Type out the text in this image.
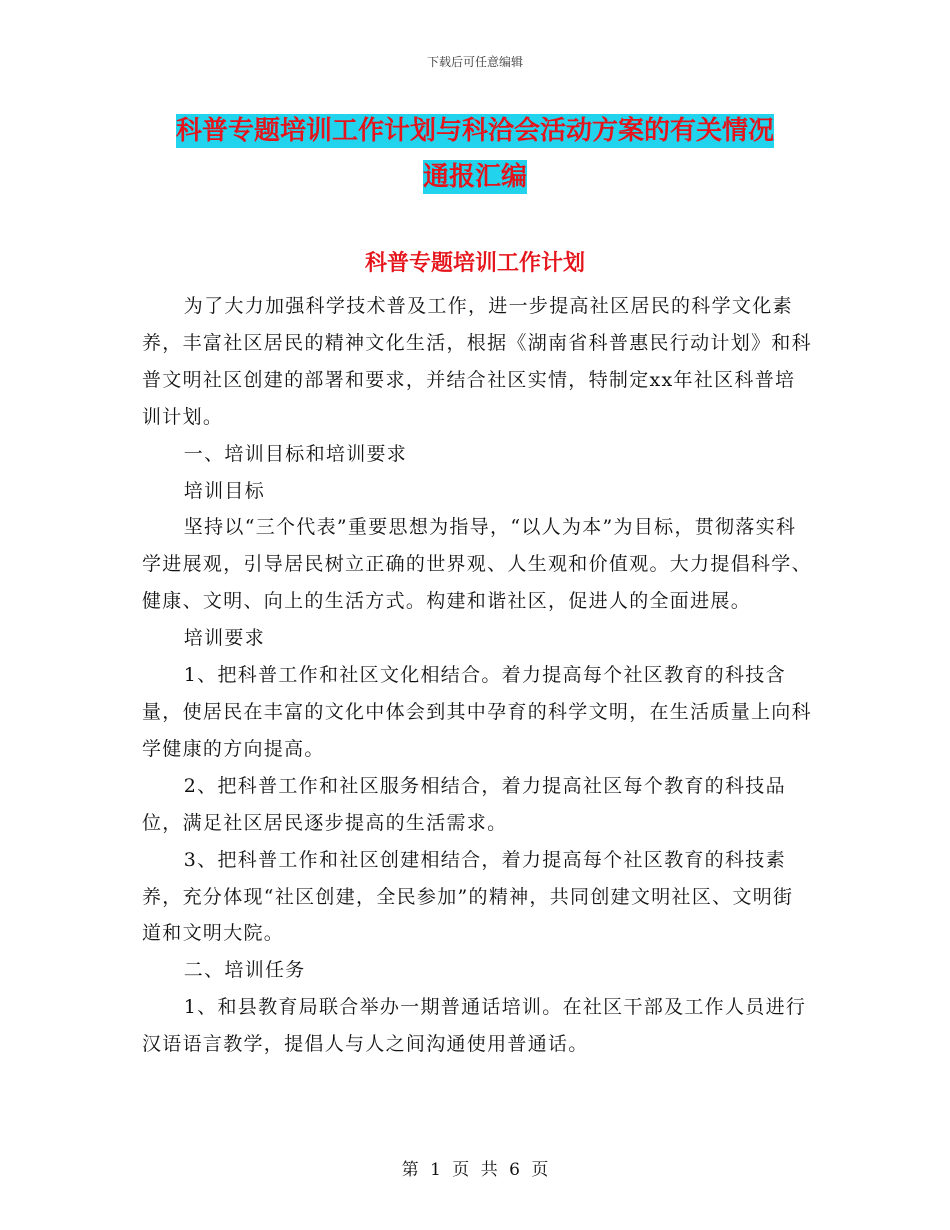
下载后可任意编辑
科普专题培训工作计划与科洽会活动方案的有关情况
通报汇编
科普专题培训工作计划

为了大力加强科学技术普及工作，进一步提高社区居民的科学文化素养，丰富社区居民的精神文化生活，根据《湖南省科普惠民行动计划》和科普文明社区创建的部署和要求，并结合社区实情，特制定xx年社区科普培训计划。

一、培训目标和培训要求

培训目标

坚持以“三个代表”重要思想为指导，“以人为本”为目标，贯彻落实科学进展观，引导居民树立正确的世界观、人生观和价值观。大力提倡科学、健康、文明、向上的生活方式。构建和谐社区，促进人的全面进展。

培训要求

1、把科普工作和社区文化相结合。着力提高每个社区教育的科技含量，使居民在丰富的文化中体会到其中孕育的科学文明，在生活质量上向科学健康的方向提高。

2、把科普工作和社区服务相结合，着力提高社区每个教育的科技品位，满足社区居民逐步提高的生活需求。

3、把科普工作和社区创建相结合，着力提高每个社区教育的科技素养，充分体现“社区创建，全民参加”的精神，共同创建文明社区、文明街道和文明大院。

二、培训任务

1、和县教育局联合举办一期普通话培训。在社区干部及工作人员进行汉语语言教学，提倡人与人之间沟通使用普通话。

第 1 页 共 6 页
